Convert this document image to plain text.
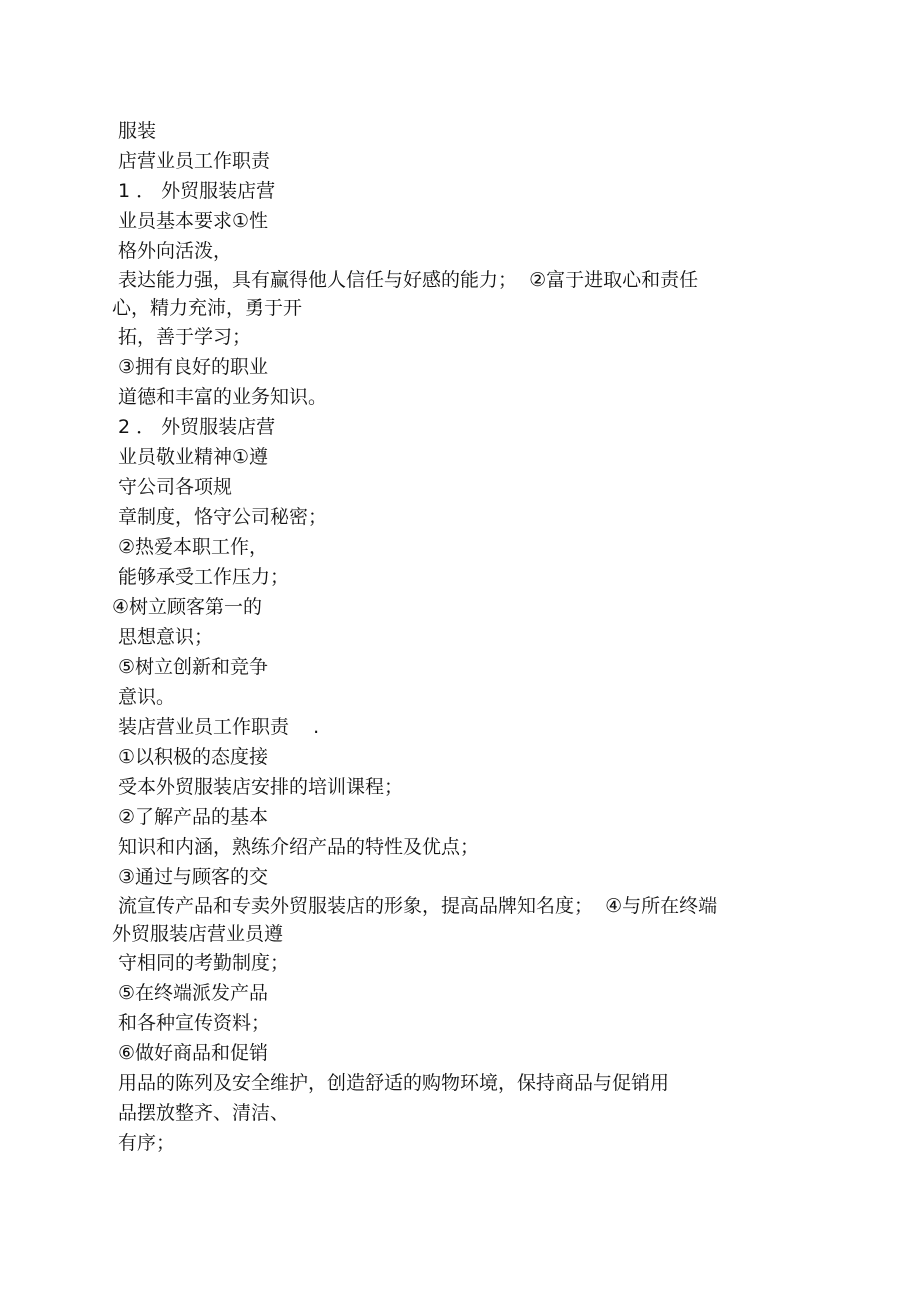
服装
店营业员工作职责
1 ． 外贸服装店营
业员基本要求①性
格外向活泼，
表达能力强，具有赢得他人信任与好感的能力；  ②富于进取心和责任
心，精力充沛，勇于开
拓，善于学习；
③拥有良好的职业
道德和丰富的业务知识。
2 ． 外贸服装店营
业员敬业精神①遵
守公司各项规
章制度，恪守公司秘密；
②热爱本职工作，
能够承受工作压力；
④树立顾客第一的
思想意识；
⑤树立创新和竞争
意识。
装店营业员工作职责    .
①以积极的态度接
受本外贸服装店安排的培训课程；
②了解产品的基本
知识和内涵，熟练介绍产品的特性及优点；
③通过与顾客的交
流宣传产品和专卖外贸服装店的形象，提高品牌知名度；  ④与所在终端
外贸服装店营业员遵
守相同的考勤制度；
⑤在终端派发产品
和各种宣传资料；
⑥做好商品和促销
用品的陈列及安全维护，创造舒适的购物环境，保持商品与促销用
品摆放整齐、清洁、
有序；
